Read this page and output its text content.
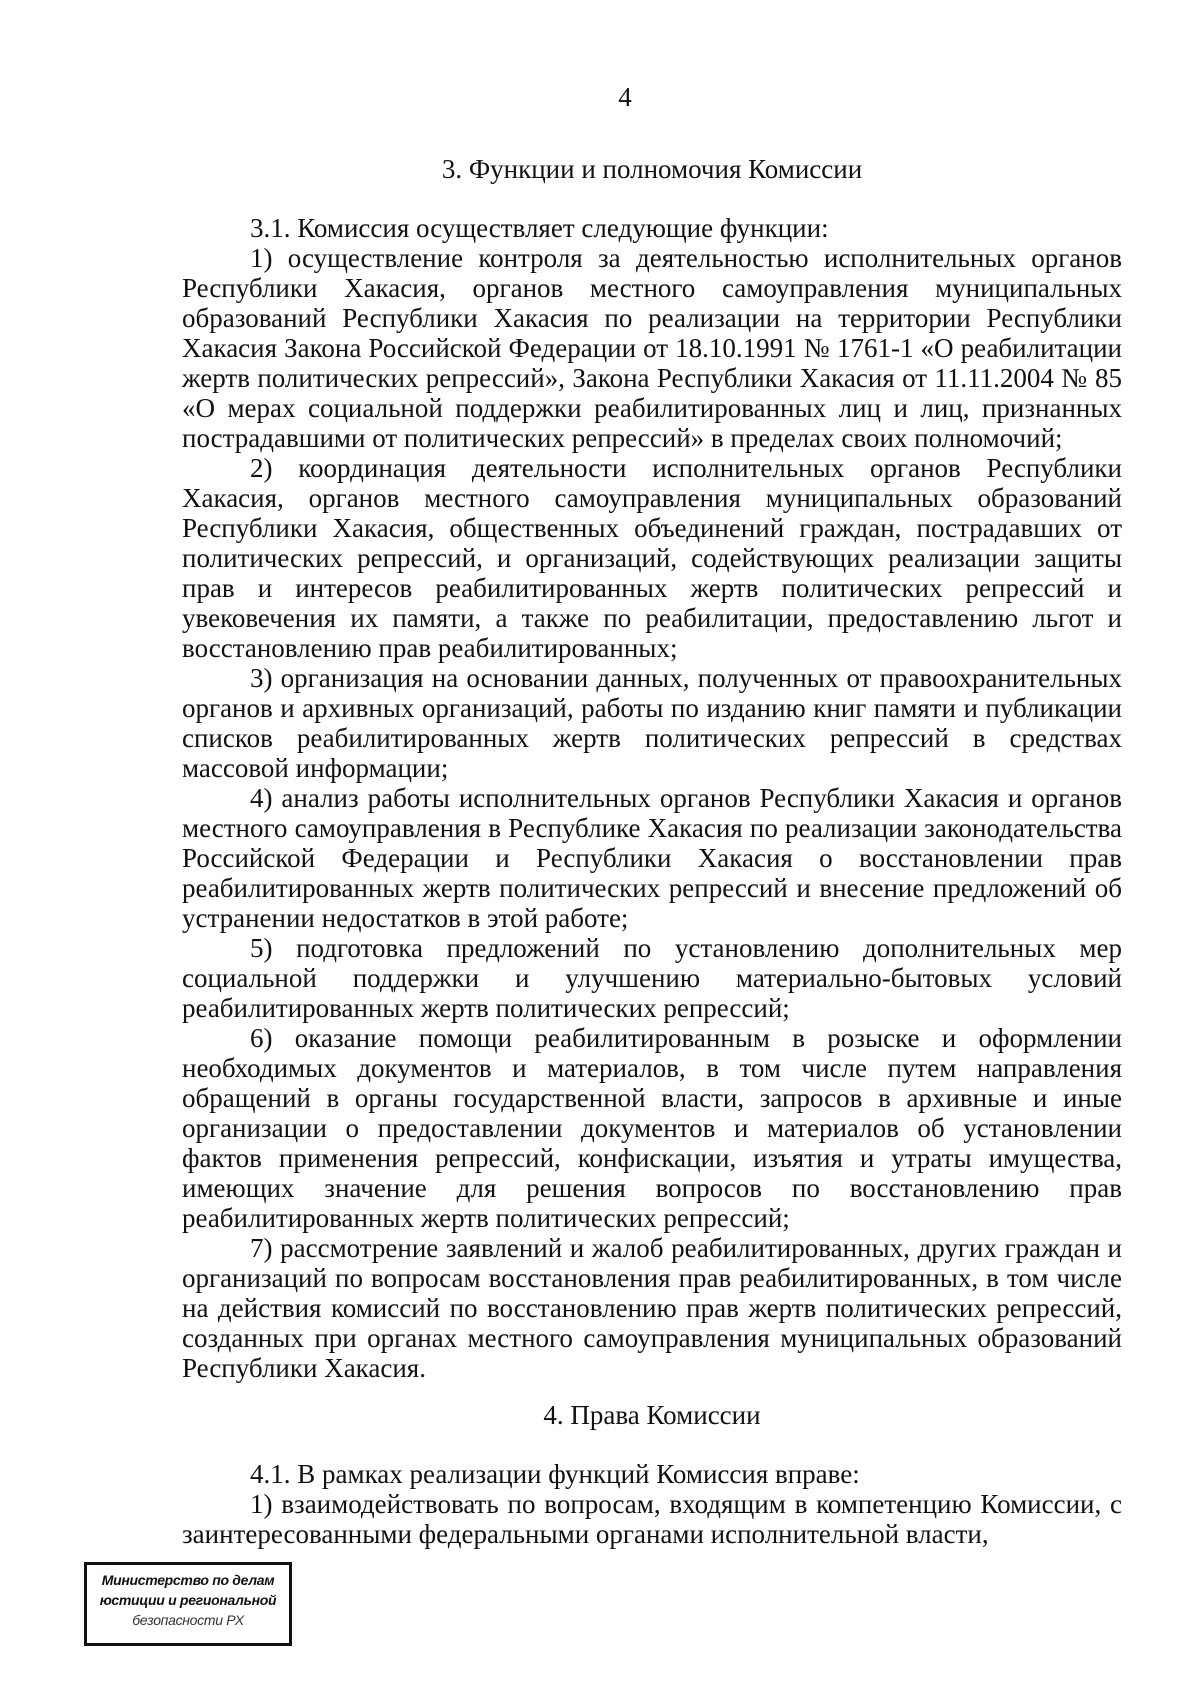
4
3. Функции и полномочия Комиссии

3.1. Комиссия осуществляет следующие функции:

1) осуществление контроля за деятельностью исполнительных органов Республики Хакасия, органов местного самоуправления муниципальных образований Республики Хакасия по реализации на территории Республики Хакасия Закона Российской Федерации от 18.10.1991 № 1761-1 «О реабилитации жертв политических репрессий», Закона Республики Хакасия от 11.11.2004 № 85 «О мерах социальной поддержки реабилитированных лиц и лиц, признанных пострадавшими от политических репрессий» в пределах своих полномочий;

2) координация деятельности исполнительных органов Республики Хакасия, органов местного самоуправления муниципальных образований Республики Хакасия, общественных объединений граждан, пострадавших от политических репрессий, и организаций, содействующих реализации защиты прав и интересов реабилитированных жертв политических репрессий и увековечения их памяти, а также по реабилитации, предоставлению льгот и восстановлению прав реабилитированных;

3) организация на основании данных, полученных от правоохранительных органов и архивных организаций, работы по изданию книг памяти и публикации списков реабилитированных жертв политических репрессий в средствах массовой информации;

4) анализ работы исполнительных органов Республики Хакасия и органов местного самоуправления в Республике Хакасия по реализации законодательства Российской Федерации и Республики Хакасия о восстановлении прав реабилитированных жертв политических репрессий и внесение предложений об устранении недостатков в этой работе;

5) подготовка предложений по установлению дополнительных мер социальной поддержки и улучшению материально-бытовых условий реабилитированных жертв политических репрессий;

6) оказание помощи реабилитированным в розыске и оформлении необходимых документов и материалов, в том числе путем направления обращений в органы государственной власти, запросов в архивные и иные организации о предоставлении документов и материалов об установлении фактов применения репрессий, конфискации, изъятия и утраты имущества, имеющих значение для решения вопросов по восстановлению прав реабилитированных жертв политических репрессий;

7) рассмотрение заявлений и жалоб реабилитированных, других граждан и организаций по вопросам восстановления прав реабилитированных, в том числе на действия комиссий по восстановлению прав жертв политических репрессий, созданных при органах местного самоуправления муниципальных образований Республики Хакасия.

4. Права Комиссии

4.1. В рамках реализации функций Комиссия вправе:

1) взаимодействовать по вопросам, входящим в компетенцию Комиссии, с заинтересованными федеральными органами исполнительной власти,

Министерство по делам
юстиции и региональной
безопасности РХ
